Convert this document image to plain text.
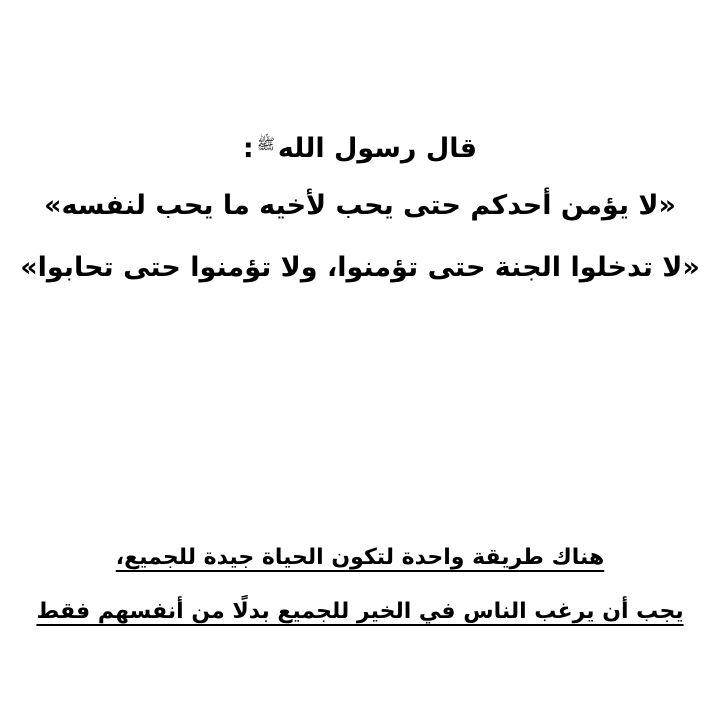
قال رسول الله$^ﷺ$:
«لا يؤمن أحدكم حتى يحب لأخيه ما يحب لنفسه»
«لا تدخلوا الجنة حتى تؤمنوا، ولا تؤمنوا حتى تحابوا»
هناك طريقة واحدة لتكون الحياة جيدة للجميع،
يجب أن يرغب الناس في الخير للجميع بدلًا من أنفسهم فقط
